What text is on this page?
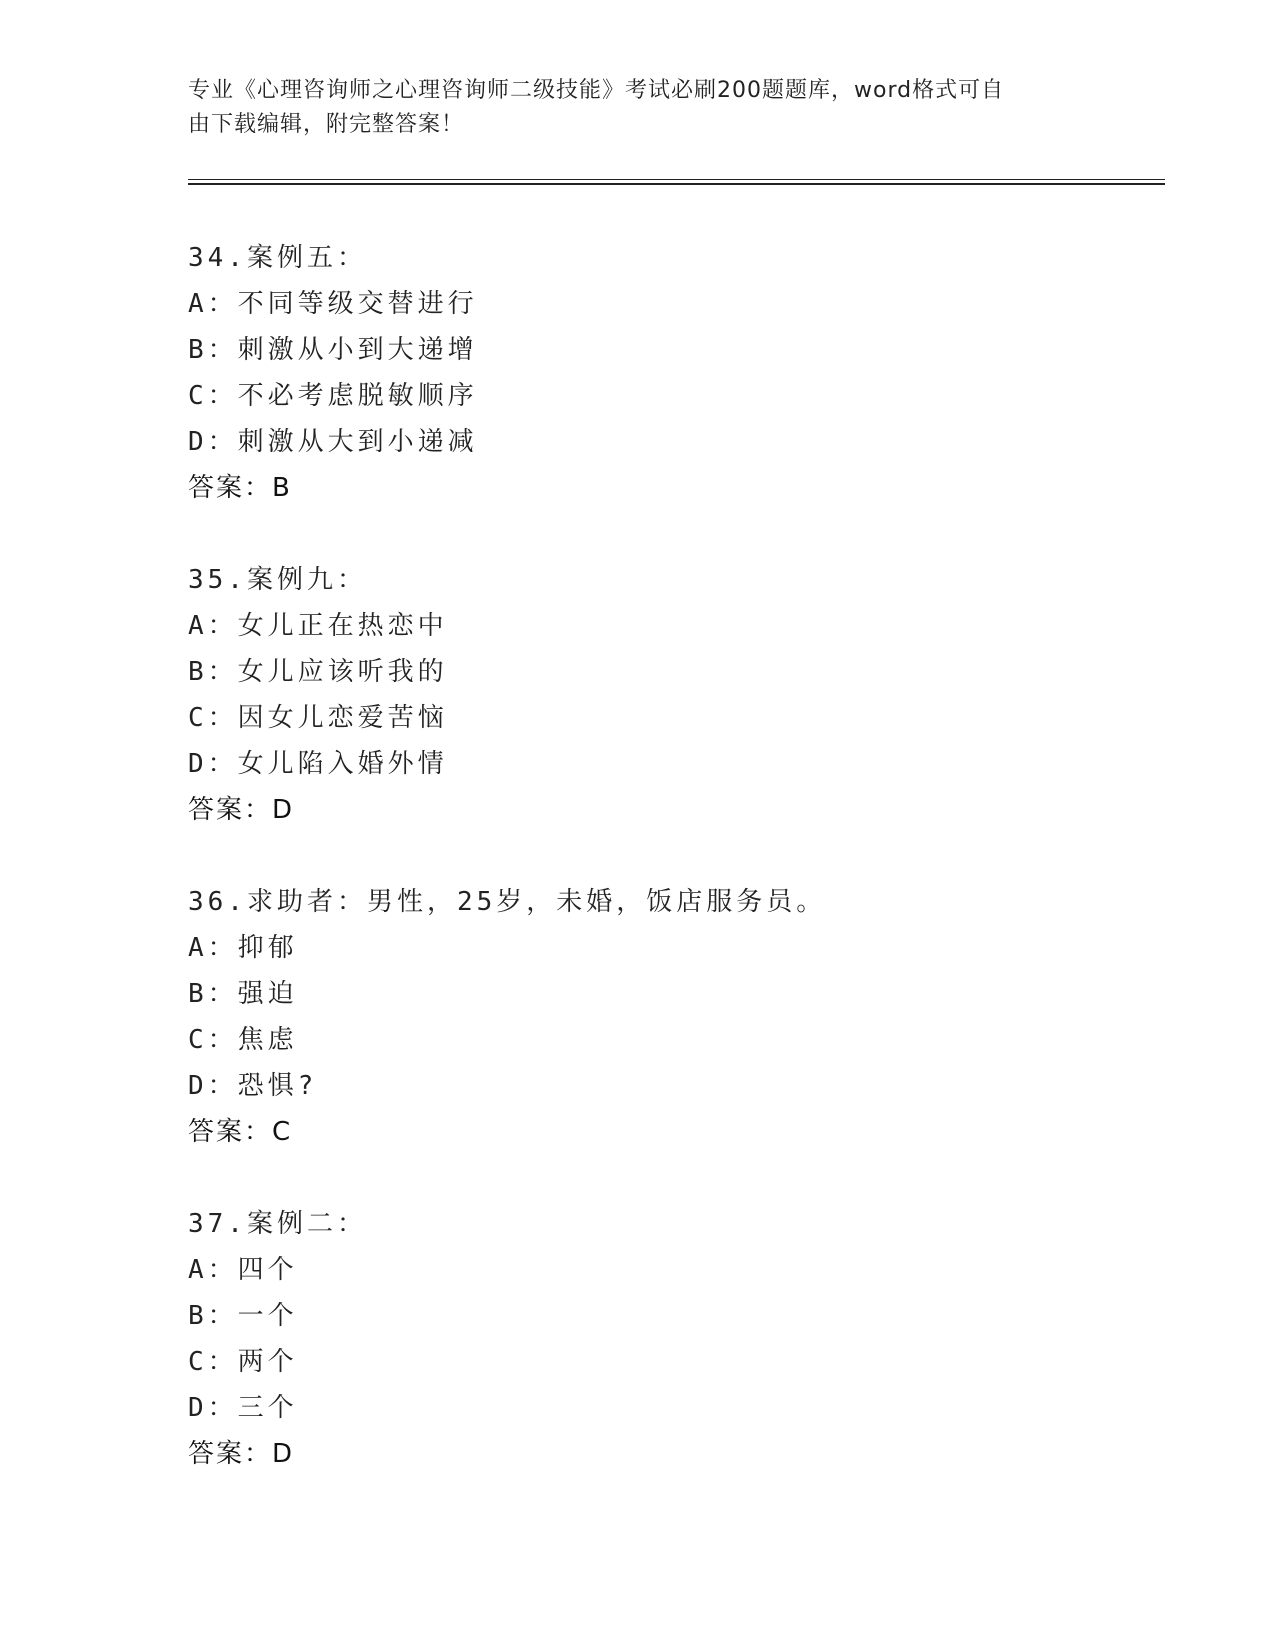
专业《心理咨询师之心理咨询师二级技能》考试必刷200题题库，word格式可自
由下载编辑，附完整答案！
34.案例五：
A：不同等级交替进行
B：刺激从小到大递增
C：不必考虑脱敏顺序
D：刺激从大到小递减
答案：B
35.案例九：
A：女儿正在热恋中
B：女儿应该听我的
C：因女儿恋爱苦恼
D：女儿陷入婚外情
答案：D
36.求助者：男性，25岁，未婚，饭店服务员。
A：抑郁
B：强迫
C：焦虑
D：恐惧?
答案：C
37.案例二：
A：四个
B：一个
C：两个
D：三个
答案：D
